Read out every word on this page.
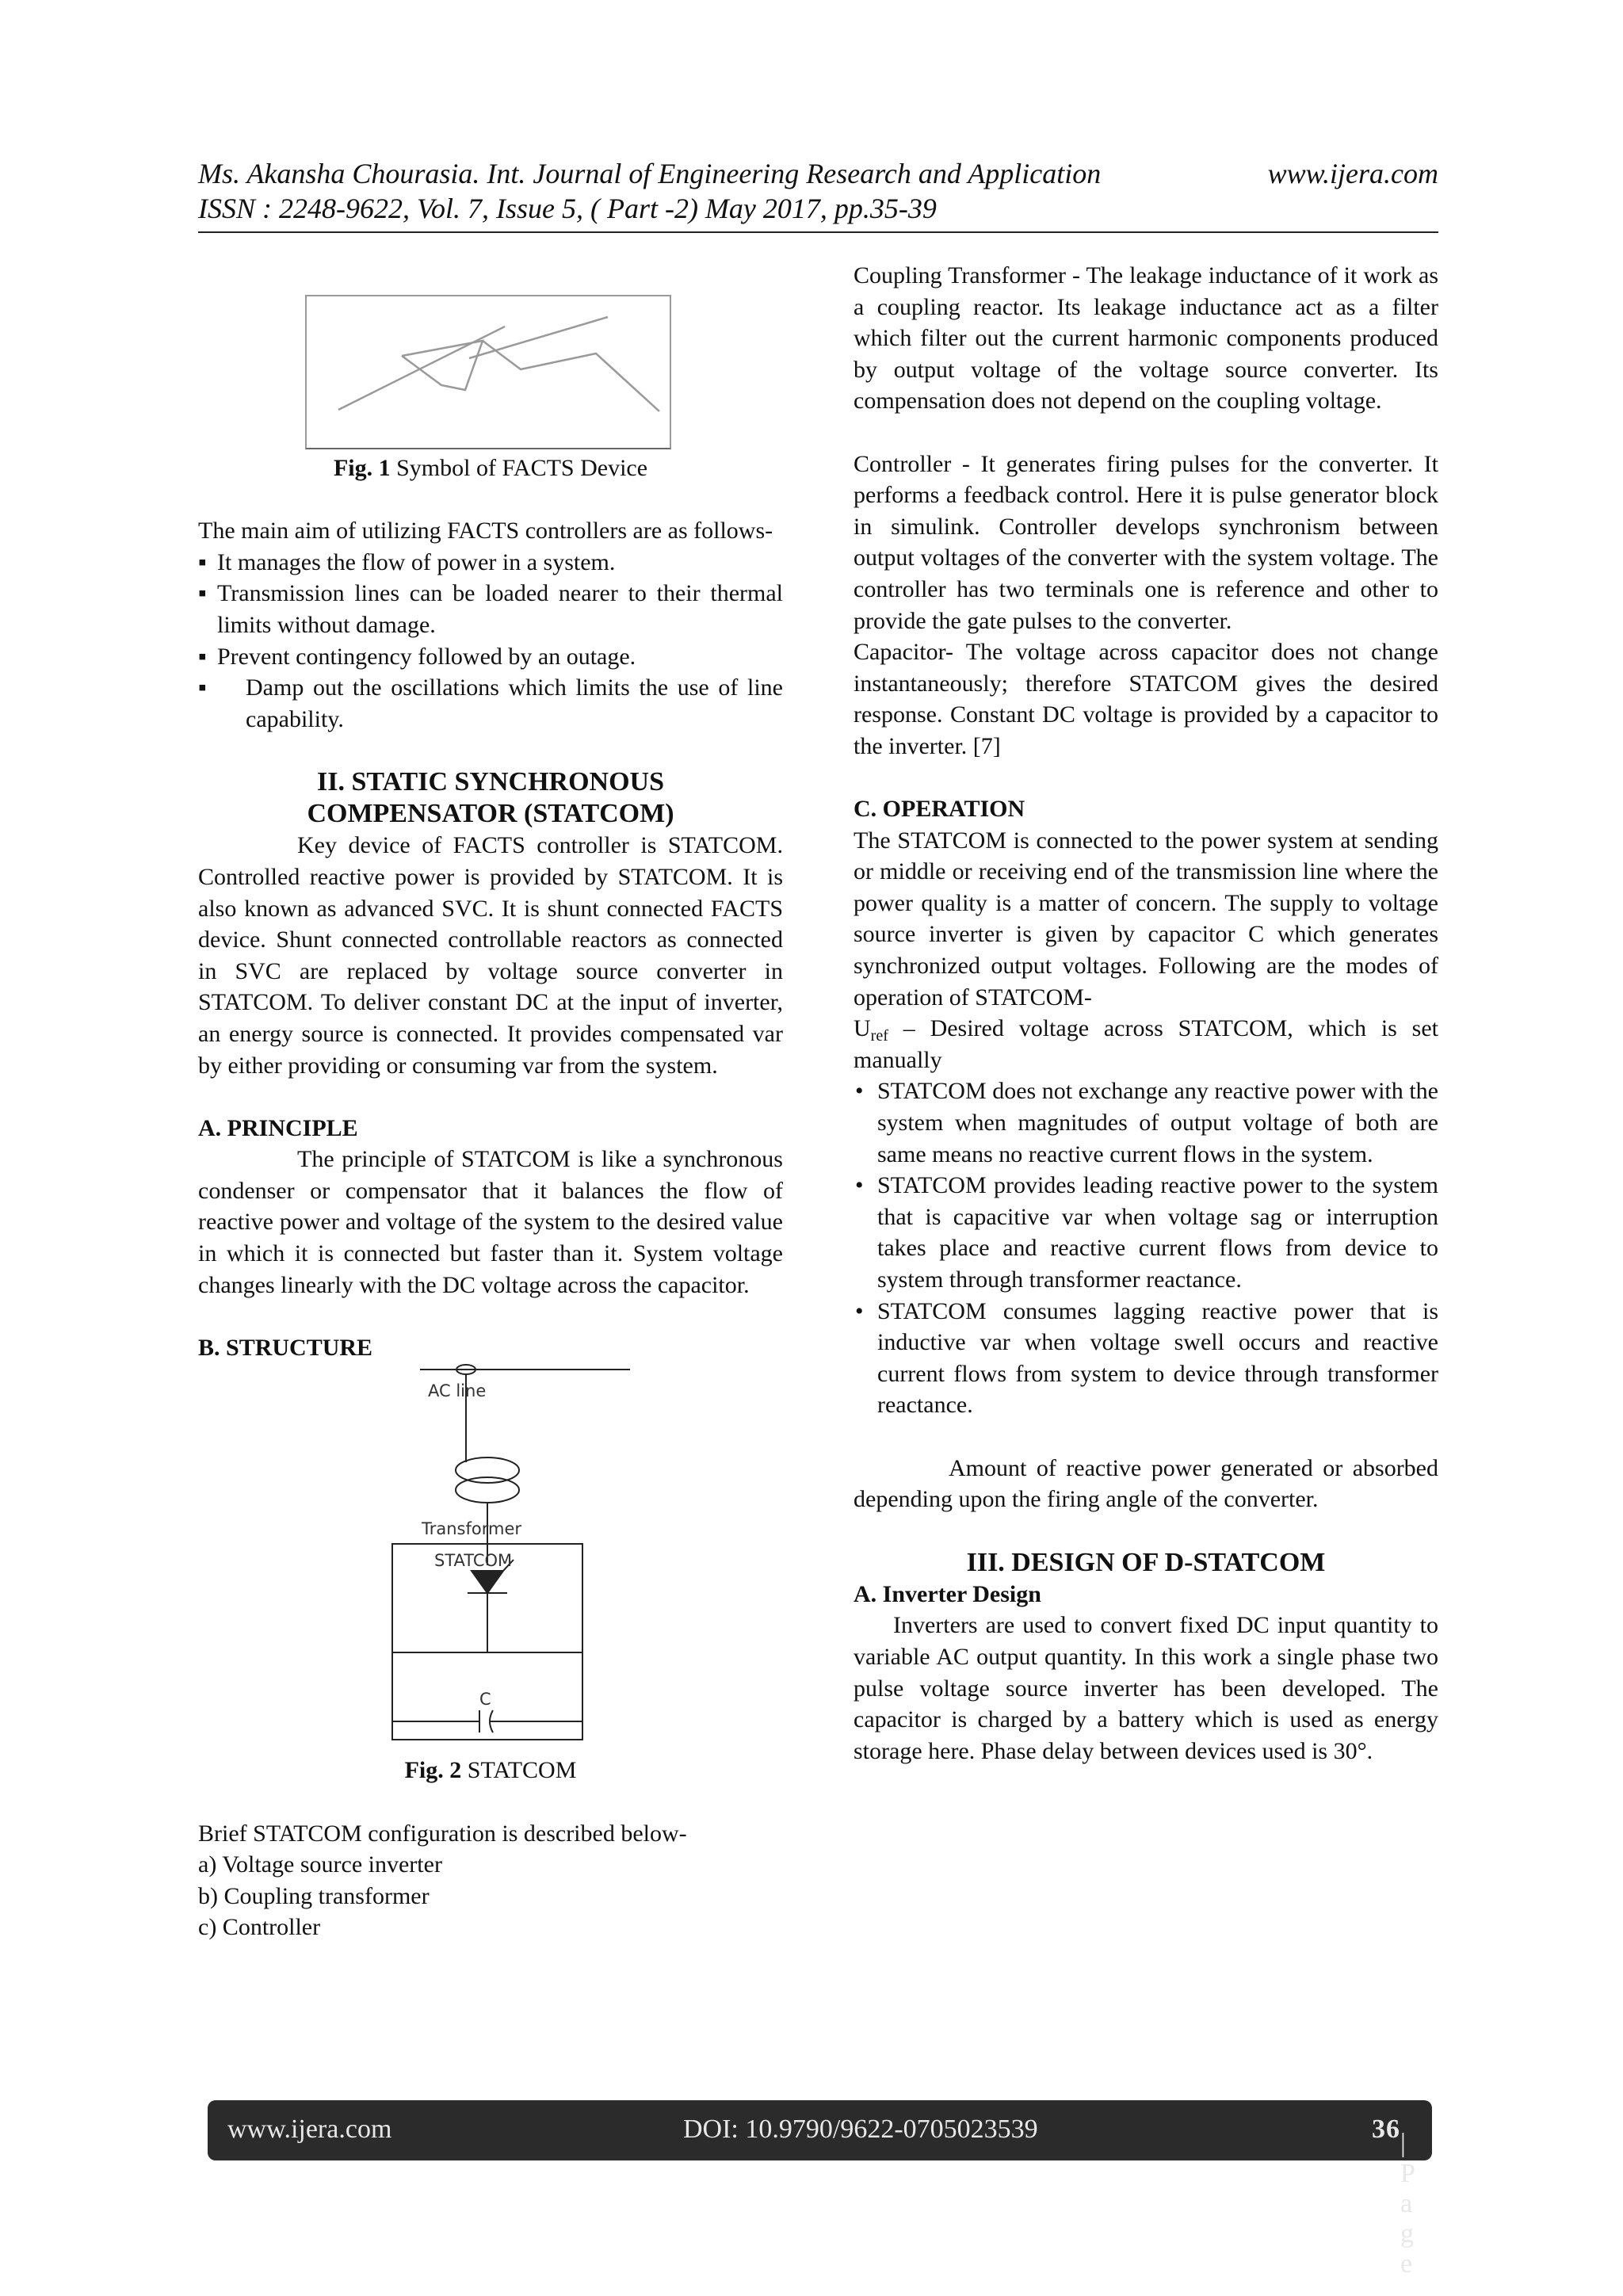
Ms. Akansha Chourasia. Int. Journal of Engineering Research and Application	www.ijera.com
ISSN : 2248-9622, Vol. 7, Issue 5, ( Part -2) May 2017, pp.35-39
Fig. 1 Symbol of FACTS Device

The main aim of utilizing FACTS controllers are as follows-

▪ It manages the flow of power in a system.
▪ Transmission lines can be loaded nearer to their thermal limits without damage.
▪ Prevent contingency followed by an outage.
▪ Damp out the oscillations which limits the use of line capability.
II. STATIC SYNCHRONOUS
COMPENSATOR (STATCOM)

Key device of FACTS controller is STATCOM. Controlled reactive power is provided by STATCOM. It is also known as advanced SVC. It is shunt connected FACTS device. Shunt connected controllable reactors as connected in SVC are replaced by voltage source converter in STATCOM. To deliver constant DC at the input of inverter, an energy source is connected. It provides compensated var by either providing or consuming var from the system.

A. PRINCIPLE

The principle of STATCOM is like a synchronous condenser or compensator that it balances the flow of reactive power and voltage of the system to the desired value in which it is connected but faster than it. System voltage changes linearly with the DC voltage across the capacitor.

B. STRUCTURE
AC line
Transformer
STATCOM
C
Fig. 2 STATCOM

Brief STATCOM configuration is described below-

a) Voltage source inverter
b) Coupling transformer
c) Controller

Coupling Transformer - The leakage inductance of it work as a coupling reactor. Its leakage inductance act as a filter which filter out the current harmonic components produced by output voltage of the voltage source converter. Its compensation does not depend on the coupling voltage.

Controller - It generates firing pulses for the converter. It performs a feedback control. Here it is pulse generator block in simulink. Controller develops synchronism between output voltages of the converter with the system voltage. The controller has two terminals one is reference and other to provide the gate pulses to the converter.

Capacitor- The voltage across capacitor does not change instantaneously; therefore STATCOM gives the desired response. Constant DC voltage is provided by a capacitor to the inverter. [7]

C. OPERATION

The STATCOM is connected to the power system at sending or middle or receiving end of the transmission line where the power quality is a matter of concern. The supply to voltage source inverter is given by capacitor C which generates synchronized output voltages. Following are the modes of operation of STATCOM-

$U_{ref}$ – Desired voltage across STATCOM, which is set manually

• STATCOM does not exchange any reactive power with the system when magnitudes of output voltage of both are same means no reactive current flows in the system.
• STATCOM provides leading reactive power to the system that is capacitive var when voltage sag or interruption takes place and reactive current flows from device to system through transformer reactance.
• STATCOM consumes lagging reactive power that is inductive var when voltage swell occurs and reactive current flows from system to device through transformer reactance.

Amount of reactive power generated or absorbed depending upon the firing angle of the converter.

III. DESIGN OF D-STATCOM
A. Inverter Design

Inverters are used to convert fixed DC input quantity to variable AC output quantity. In this work a single phase two pulse voltage source inverter has been developed. The capacitor is charged by a battery which is used as energy storage here. Phase delay between devices used is 30°.

www.ijera.com	DOI: 10.9790/9622-0705023539	36 | P a g e
